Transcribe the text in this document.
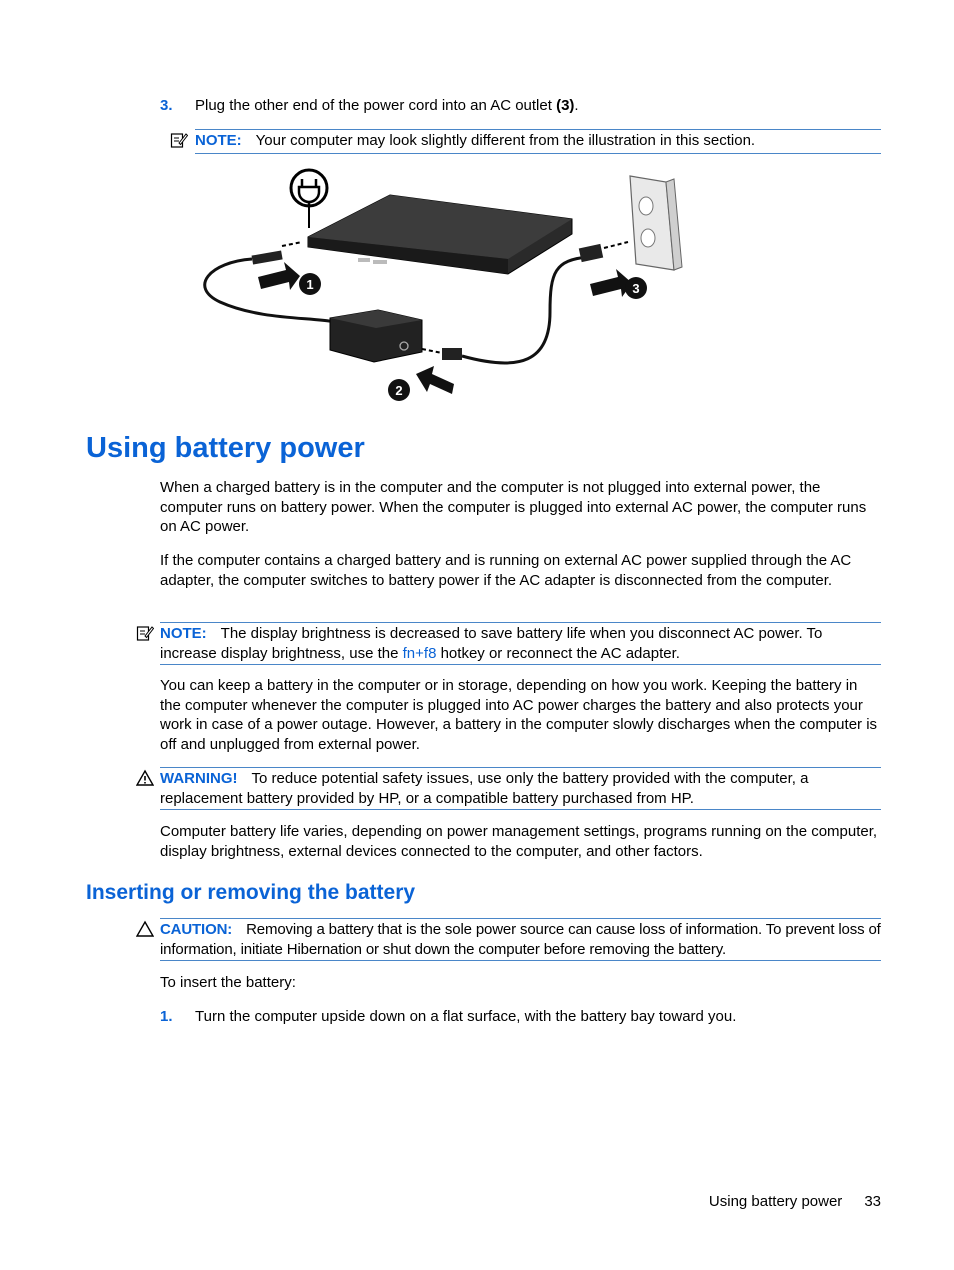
3. Plug the other end of the power cord into an AC outlet (3).
NOTE: Your computer may look slightly different from the illustration in this section.
1	3
2
Using battery power
When a charged battery is in the computer and the computer is not plugged into external power, the computer runs on battery power. When the computer is plugged into external AC power, the computer runs on AC power.
If the computer contains a charged battery and is running on external AC power supplied through the AC adapter, the computer switches to battery power if the AC adapter is disconnected from the computer.
NOTE: The display brightness is decreased to save battery life when you disconnect AC power. To increase display brightness, use the fn+f8 hotkey or reconnect the AC adapter.
You can keep a battery in the computer or in storage, depending on how you work. Keeping the battery in the computer whenever the computer is plugged into AC power charges the battery and also protects your work in case of a power outage. However, a battery in the computer slowly discharges when the computer is off and unplugged from external power.
WARNING! To reduce potential safety issues, use only the battery provided with the computer, a replacement battery provided by HP, or a compatible battery purchased from HP.
Computer battery life varies, depending on power management settings, programs running on the computer, display brightness, external devices connected to the computer, and other factors.
Inserting or removing the battery
CAUTION: Removing a battery that is the sole power source can cause loss of information. To prevent loss of information, initiate Hibernation or shut down the computer before removing the battery.
To insert the battery:
1. Turn the computer upside down on a flat surface, with the battery bay toward you.
Using battery power 33
